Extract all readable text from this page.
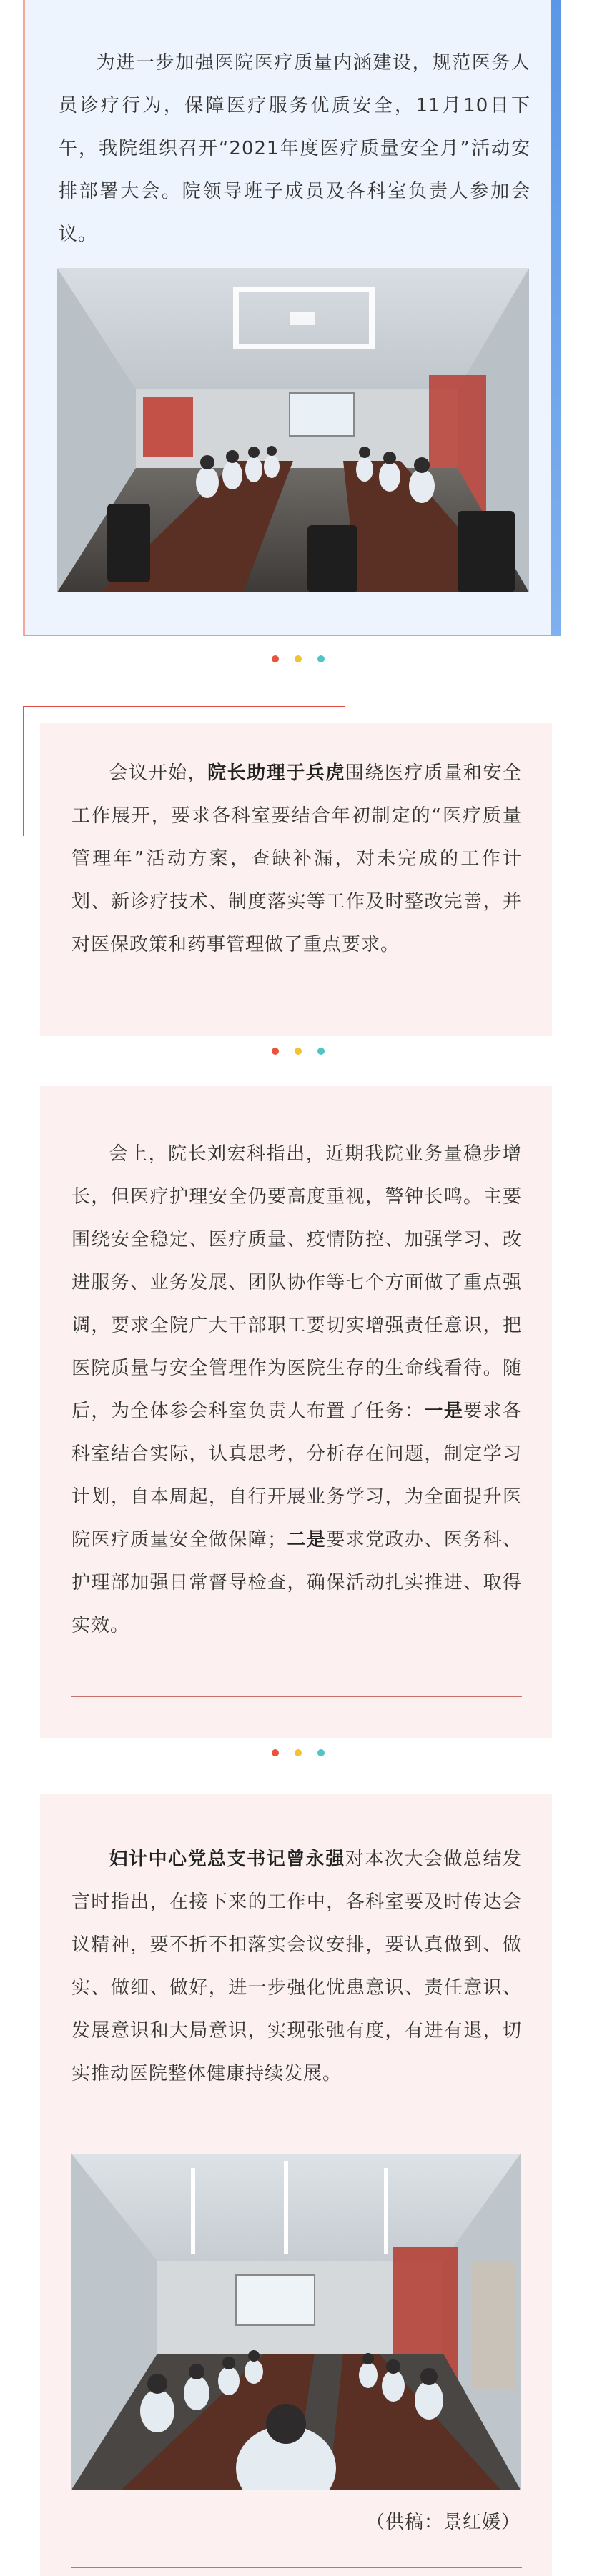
为进一步加强医院医疗质量内涵建设，规范医务人员诊疗行为，保障医疗服务优质安全，11月10日下午，我院组织召开“2021年度医疗质量安全月”活动安排部署大会。院领导班子成员及各科室负责人参加会议。
会议开始，院长助理于兵虎围绕医疗质量和安全工作展开，要求各科室要结合年初制定的“医疗质量管理年”活动方案，查缺补漏，对未完成的工作计划、新诊疗技术、制度落实等工作及时整改完善，并对医保政策和药事管理做了重点要求。
会上，院长刘宏科指出，近期我院业务量稳步增长，但医疗护理安全仍要高度重视，警钟长鸣。主要围绕安全稳定、医疗质量、疫情防控、加强学习、改进服务、业务发展、团队协作等七个方面做了重点强调，要求全院广大干部职工要切实增强责任意识，把医院质量与安全管理作为医院生存的生命线看待。随后，为全体参会科室负责人布置了任务：一是要求各科室结合实际，认真思考，分析存在问题，制定学习计划，自本周起，自行开展业务学习，为全面提升医院医疗质量安全做保障；二是要求党政办、医务科、护理部加强日常督导检查，确保活动扎实推进、取得实效。
妇计中心党总支书记曾永强对本次大会做总结发言时指出，在接下来的工作中，各科室要及时传达会议精神，要不折不扣落实会议安排，要认真做到、做实、做细、做好，进一步强化忧患意识、责任意识、发展意识和大局意识，实现张弛有度，有进有退，切实推动医院整体健康持续发展。
（供稿：景红媛）
